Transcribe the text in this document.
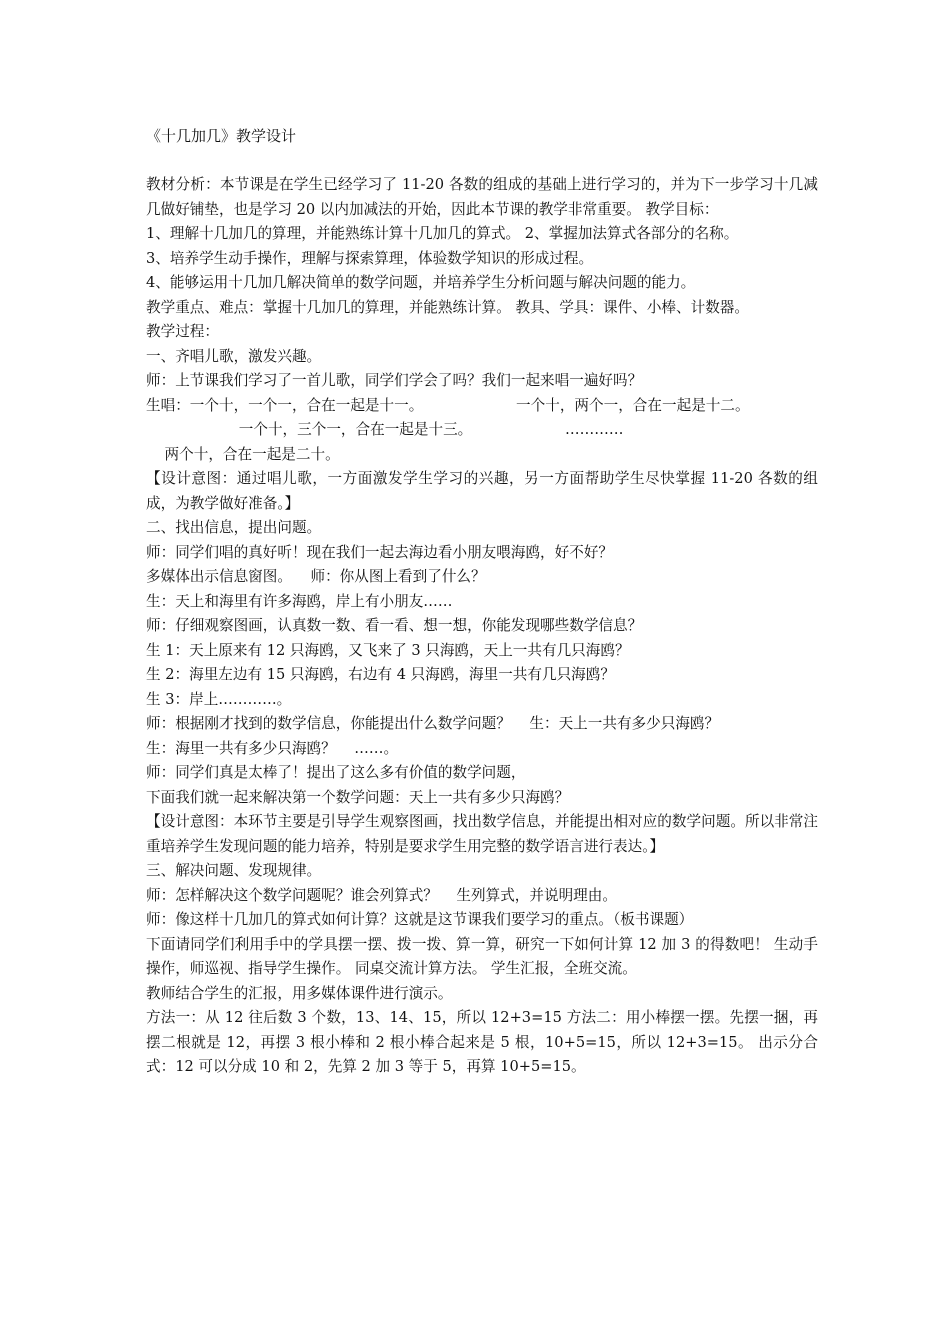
《十几加几》教学设计
教材分析：本节课是在学生已经学习了 11-20 各数的组成的基础上进行学习的，并为下一步学习十几减几做好铺垫，也是学习 20 以内加减法的开始，因此本节课的教学非常重要。 教学目标：
1、理解十几加几的算理，并能熟练计算十几加几的算式。 2、掌握加法算式各部分的名称。
3、培养学生动手操作，理解与探索算理，体验数学知识的形成过程。
4、能够运用十几加几解决简单的数学问题，并培养学生分析问题与解决问题的能力。
教学重点、难点：掌握十几加几的算理，并能熟练计算。 教具、学具：课件、小棒、计数器。
教学过程：
一、齐唱儿歌，激发兴趣。
师：上节课我们学习了一首儿歌，同学们学会了吗？我们一起来唱一遍好吗？
生唱：一个十，一个一，合在一起是十一。                    一个十，两个一，合在一起是十二。
一个十，三个一，合在一起是十三。                    …………
两个十，合在一起是二十。
【设计意图：通过唱儿歌，一方面激发学生学习的兴趣，另一方面帮助学生尽快掌握 11-20 各数的组成，为教学做好准备。】
二、找出信息，提出问题。
师：同学们唱的真好听！现在我们一起去海边看小朋友喂海鸥，好不好？
多媒体出示信息窗图。    师：你从图上看到了什么？
生：天上和海里有许多海鸥，岸上有小朋友……
师：仔细观察图画，认真数一数、看一看、想一想，你能发现哪些数学信息？
生 1：天上原来有 12 只海鸥，又飞来了 3 只海鸥，天上一共有几只海鸥？
生 2：海里左边有 15 只海鸥，右边有 4 只海鸥，海里一共有几只海鸥？
生 3：岸上…………。
师：根据刚才找到的数学信息，你能提出什么数学问题？    生：天上一共有多少只海鸥？
生：海里一共有多少只海鸥？    ……。
师：同学们真是太棒了！提出了这么多有价值的数学问题，
下面我们就一起来解决第一个数学问题：天上一共有多少只海鸥？
【设计意图：本环节主要是引导学生观察图画，找出数学信息，并能提出相对应的数学问题。所以非常注重培养学生发现问题的能力培养，特别是要求学生用完整的数学语言进行表达。】
三、解决问题、发现规律。
师：怎样解决这个数学问题呢？谁会列算式？    生列算式，并说明理由。
师：像这样十几加几的算式如何计算？这就是这节课我们要学习的重点。（板书课题）
下面请同学们利用手中的学具摆一摆、拨一拨、算一算，研究一下如何计算 12 加 3 的得数吧！ 生动手操作，师巡视、指导学生操作。 同桌交流计算方法。 学生汇报，全班交流。
教师结合学生的汇报，用多媒体课件进行演示。
方法一：从 12 往后数 3 个数，13、14、15，所以 12+3=15 方法二：用小棒摆一摆。先摆一捆，再摆二根就是 12，再摆 3 根小棒和 2 根小棒合起来是 5 根，10+5=15，所以 12+3=15。 出示分合式：12 可以分成 10 和 2，先算 2 加 3 等于 5，再算 10+5=15。
